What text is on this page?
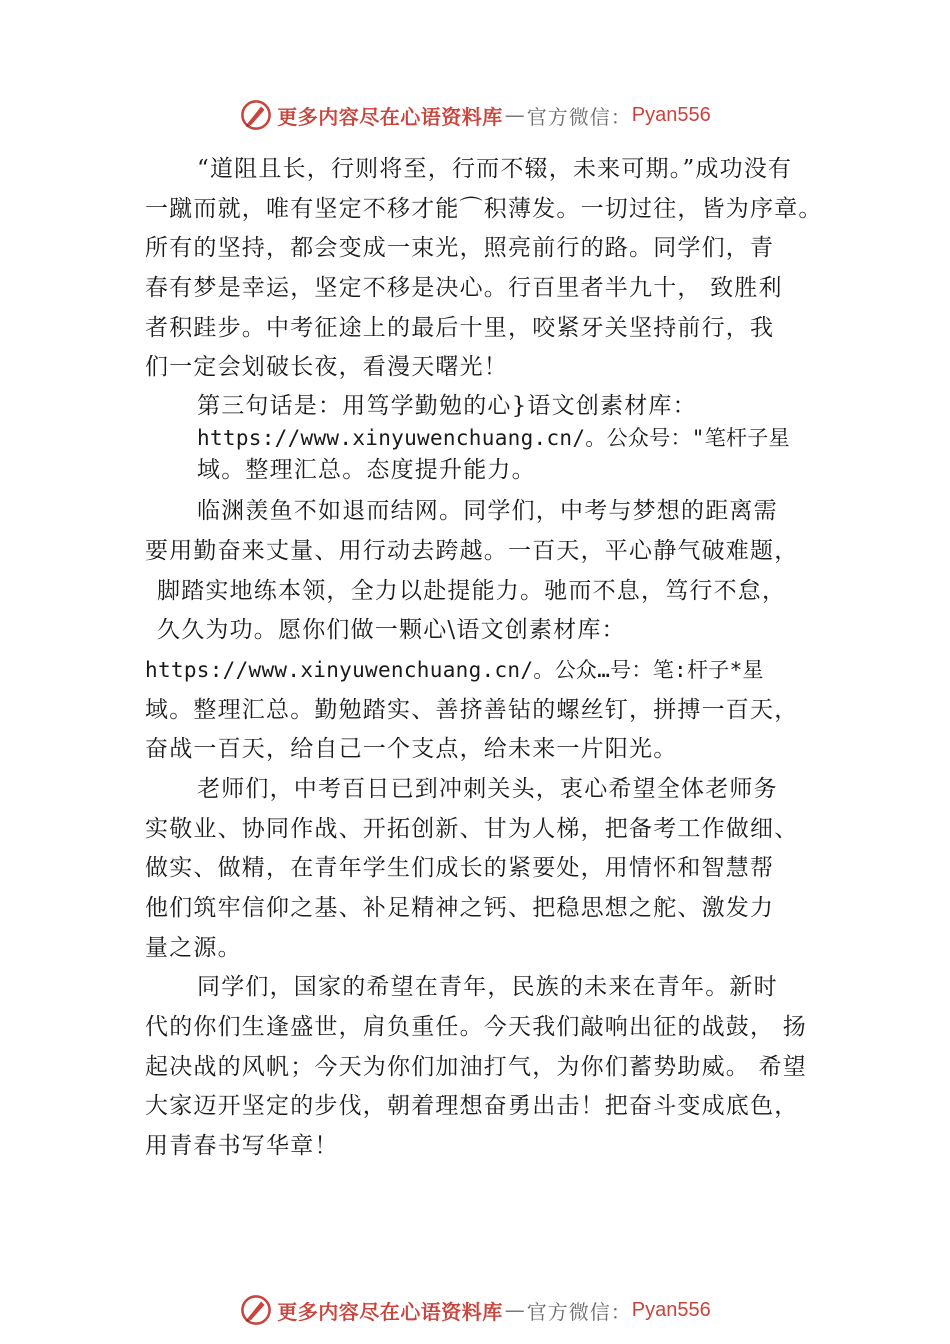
更多内容尽在心语资料库 — 官方微信： Pyan556
“道阻且长，行则将至，行而不辍，未来可期。”成功没有
一蹴而就，唯有坚定不移才能⌒积薄发。一切过往，皆为序章。
所有的坚持，都会变成一束光，照亮前行的路。同学们，青
春有梦是幸运，坚定不移是决心。行百里者半九十， 致胜利
者积跬步。中考征途上的最后十里，咬紧牙关坚持前行，我
们一定会划破长夜，看漫天曙光！
第三句话是：用笃学勤勉的心}语文创素材库：
https://www.xinyuwenchuang.cn/。公众号："笔杆子星
域。整理汇总。态度提升能力。
临渊羡鱼不如退而结网。同学们，中考与梦想的距离需
要用勤奋来丈量、用行动去跨越。一百天，平心静气破难题，
脚踏实地练本领，全力以赴提能力。驰而不息，笃行不怠，
久久为功。愿你们做一颗心\语文创素材库：
https://www.xinyuwenchuang.cn/。公众…号：笔:杆子*星
域。整理汇总。勤勉踏实、善挤善钻的螺丝钉，拼搏一百天，
奋战一百天，给自己一个支点，给未来一片阳光。
老师们，中考百日已到冲刺关头，衷心希望全体老师务
实敬业、协同作战、开拓创新、甘为人梯，把备考工作做细、
做实、做精，在青年学生们成长的紧要处，用情怀和智慧帮
他们筑牢信仰之基、补足精神之钙、把稳思想之舵、激发力
量之源。
同学们，国家的希望在青年，民族的未来在青年。新时
代的你们生逢盛世，肩负重任。今天我们敲响出征的战鼓， 扬
起决战的风帆；今天为你们加油打气，为你们蓄势助威。 希望
大家迈开坚定的步伐，朝着理想奋勇出击！把奋斗变成底色，
用青春书写华章！
更多内容尽在心语资料库 — 官方微信： Pyan556
